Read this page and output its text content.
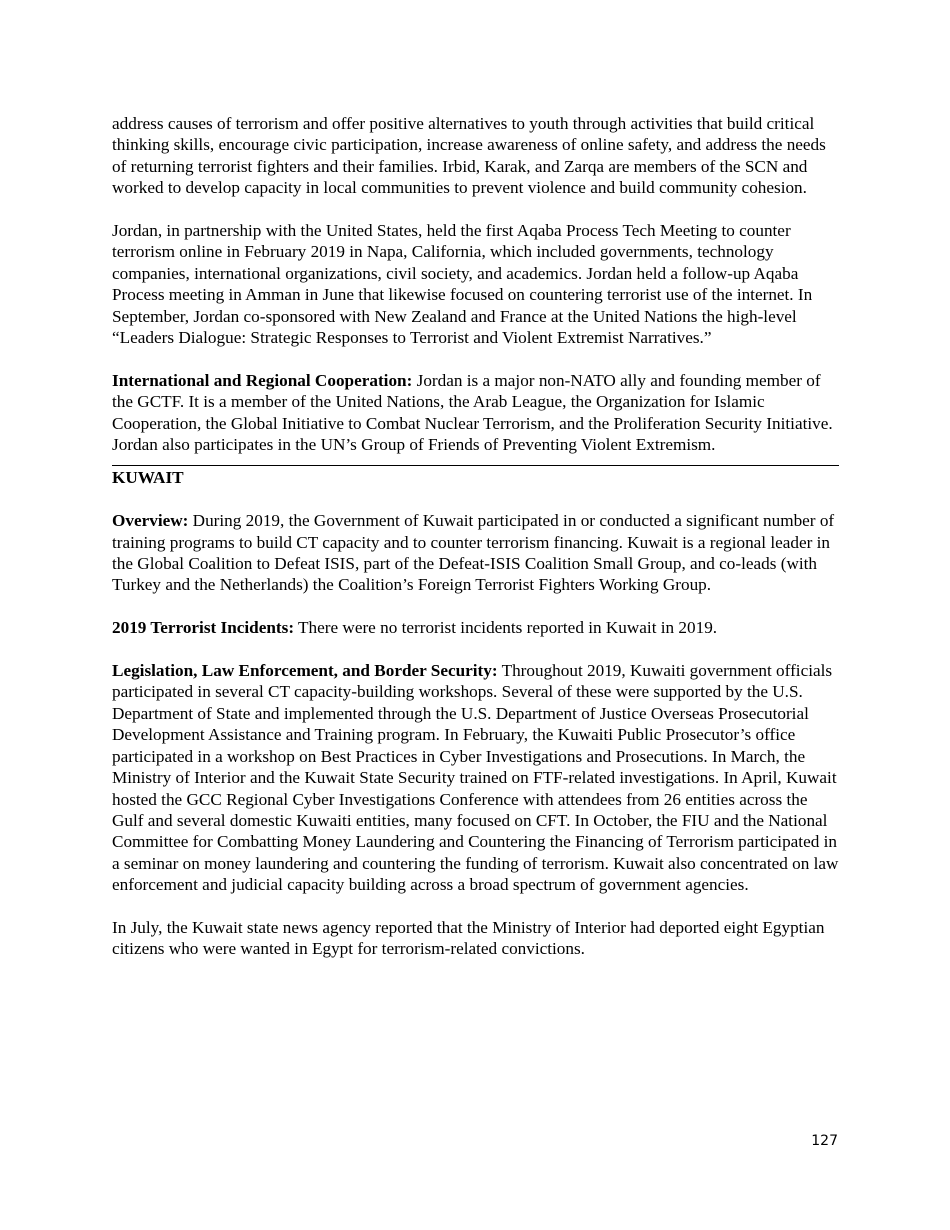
address causes of terrorism and offer positive alternatives to youth through activities that build critical thinking skills, encourage civic participation, increase awareness of online safety, and address the needs of returning terrorist fighters and their families. Irbid, Karak, and Zarqa are members of the SCN and worked to develop capacity in local communities to prevent violence and build community cohesion.

Jordan, in partnership with the United States, held the first Aqaba Process Tech Meeting to counter terrorism online in February 2019 in Napa, California, which included governments, technology companies, international organizations, civil society, and academics. Jordan held a follow-up Aqaba Process meeting in Amman in June that likewise focused on countering terrorist use of the internet. In September, Jordan co-sponsored with New Zealand and France at the United Nations the high-level “Leaders Dialogue: Strategic Responses to Terrorist and Violent Extremist Narratives.”

International and Regional Cooperation: Jordan is a major non-NATO ally and founding member of the GCTF. It is a member of the United Nations, the Arab League, the Organization for Islamic Cooperation, the Global Initiative to Combat Nuclear Terrorism, and the Proliferation Security Initiative. Jordan also participates in the UN’s Group of Friends of Preventing Violent Extremism.

KUWAIT

Overview: During 2019, the Government of Kuwait participated in or conducted a significant number of training programs to build CT capacity and to counter terrorism financing. Kuwait is a regional leader in the Global Coalition to Defeat ISIS, part of the Defeat-ISIS Coalition Small Group, and co-leads (with Turkey and the Netherlands) the Coalition’s Foreign Terrorist Fighters Working Group.

2019 Terrorist Incidents: There were no terrorist incidents reported in Kuwait in 2019.

Legislation, Law Enforcement, and Border Security: Throughout 2019, Kuwaiti government officials participated in several CT capacity-building workshops. Several of these were supported by the U.S. Department of State and implemented through the U.S. Department of Justice Overseas Prosecutorial Development Assistance and Training program. In February, the Kuwaiti Public Prosecutor’s office participated in a workshop on Best Practices in Cyber Investigations and Prosecutions. In March, the Ministry of Interior and the Kuwait State Security trained on FTF-related investigations. In April, Kuwait hosted the GCC Regional Cyber Investigations Conference with attendees from 26 entities across the Gulf and several domestic Kuwaiti entities, many focused on CFT. In October, the FIU and the National Committee for Combatting Money Laundering and Countering the Financing of Terrorism participated in a seminar on money laundering and countering the funding of terrorism. Kuwait also concentrated on law enforcement and judicial capacity building across a broad spectrum of government agencies.

In July, the Kuwait state news agency reported that the Ministry of Interior had deported eight Egyptian citizens who were wanted in Egypt for terrorism-related convictions.

127
